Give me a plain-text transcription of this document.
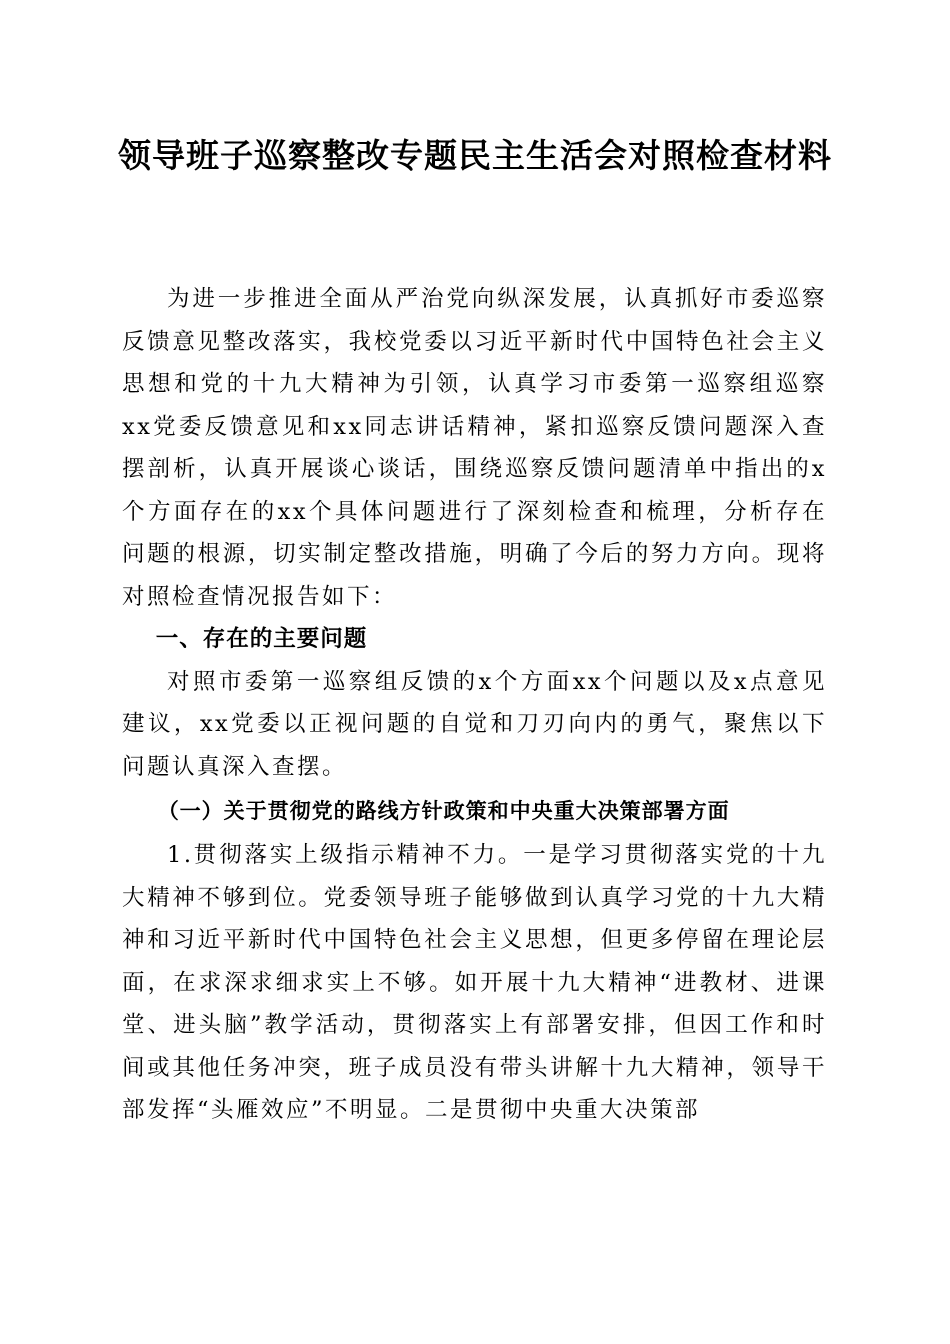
领导班子巡察整改专题民主生活会对照检查材料

为进一步推进全面从严治党向纵深发展，认真抓好市委巡察反馈意见整改落实，我校党委以习近平新时代中国特色社会主义思想和党的十九大精神为引领，认真学习市委第一巡察组巡察xx党委反馈意见和xx同志讲话精神，紧扣巡察反馈问题深入查摆剖析，认真开展谈心谈话，围绕巡察反馈问题清单中指出的x个方面存在的xx个具体问题进行了深刻检查和梳理，分析存在问题的根源，切实制定整改措施，明确了今后的努力方向。现将对照检查情况报告如下：

一、存在的主要问题

对照市委第一巡察组反馈的x个方面xx个问题以及x点意见建议，xx党委以正视问题的自觉和刀刃向内的勇气，聚焦以下问题认真深入查摆。

（一）关于贯彻党的路线方针政策和中央重大决策部署方面

1.贯彻落实上级指示精神不力。一是学习贯彻落实党的十九大精神不够到位。党委领导班子能够做到认真学习党的十九大精神和习近平新时代中国特色社会主义思想，但更多停留在理论层面，在求深求细求实上不够。如开展十九大精神“进教材、进课堂、进头脑”教学活动，贯彻落实上有部署安排，但因工作和时间或其他任务冲突，班子成员没有带头讲解十九大精神，领导干部发挥“头雁效应”不明显。二是贯彻中央重大决策部
